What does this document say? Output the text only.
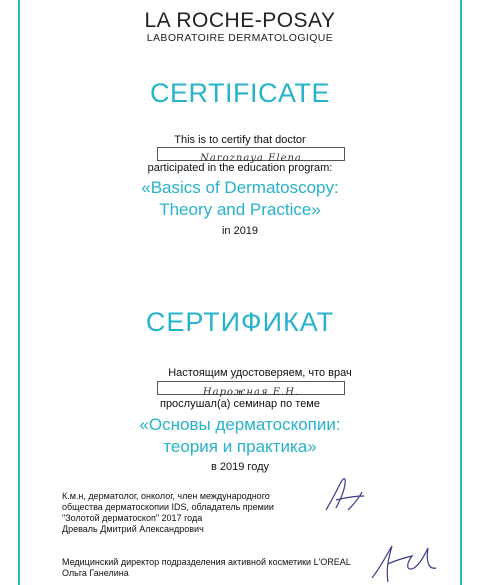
LA ROCHE-POSAY
LABORATOIRE DERMATOLOGIQUE
CERTIFICATE
This is to certify that doctor
Naroznaya Elena
participated in the education program:
«Basics of Dermatoscopy:
Theory and Practice»
in 2019
СЕРТИФИКАТ
Настоящим удостоверяем, что врач
Нарожная Е.Н.
прослушал(а) семинар по теме
«Основы дерматоскопии:
теория и практика»
в 2019 году
К.м.н, дерматолог, онколог, член международного
общества дерматоскопии IDS, обладатель премии
"Золотой дерматоскоп" 2017 года
Древаль Дмитрий Александрович
Медицинский директор подразделения активной косметики L'OREAL
Ольга Ганелина
